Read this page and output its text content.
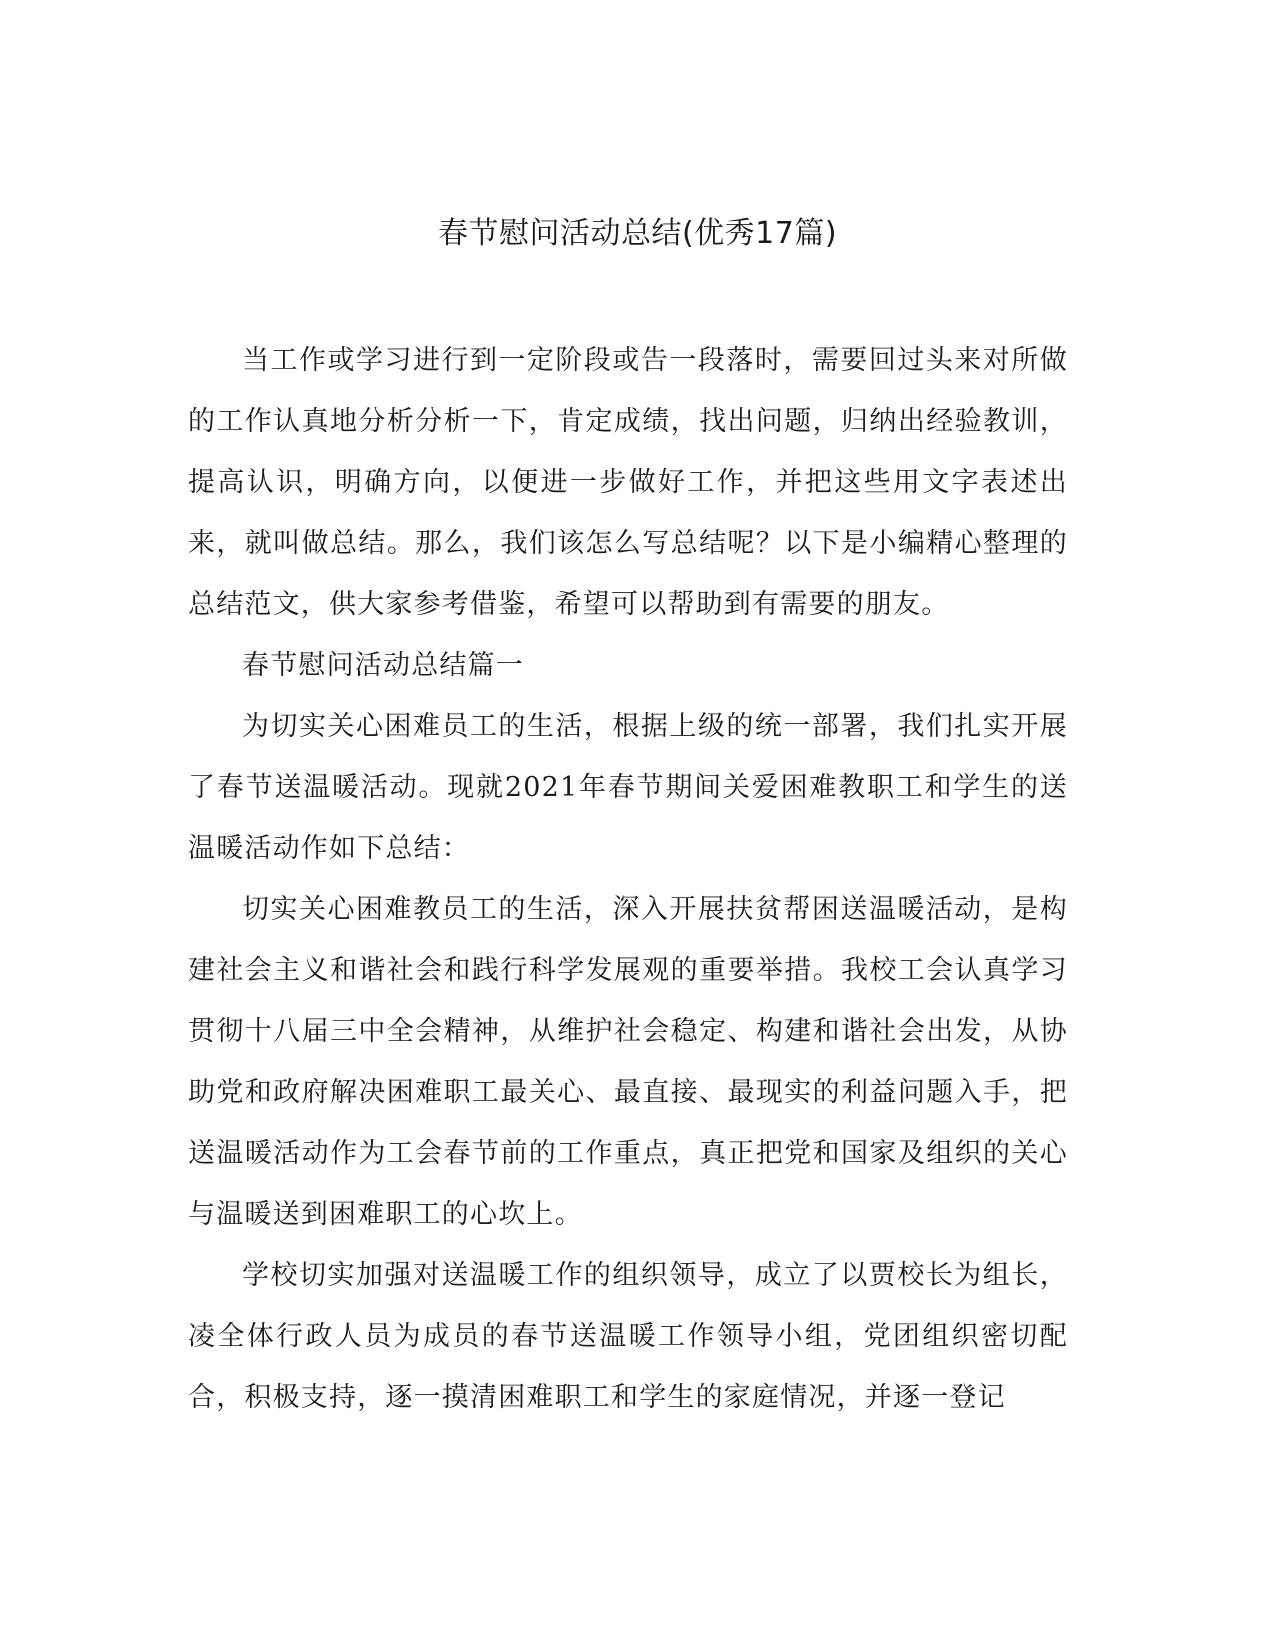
春节慰问活动总结(优秀17篇)

当工作或学习进行到一定阶段或告一段落时，需要回过头来对所做的工作认真地分析分析一下，肯定成绩，找出问题，归纳出经验教训，提高认识，明确方向，以便进一步做好工作，并把这些用文字表述出来，就叫做总结。那么，我们该怎么写总结呢？以下是小编精心整理的总结范文，供大家参考借鉴，希望可以帮助到有需要的朋友。

春节慰问活动总结篇一

为切实关心困难员工的生活，根据上级的统一部署，我们扎实开展了春节送温暖活动。现就2021年春节期间关爱困难教职工和学生的送温暖活动作如下总结：

切实关心困难教员工的生活，深入开展扶贫帮困送温暖活动，是构建社会主义和谐社会和践行科学发展观的重要举措。我校工会认真学习贯彻十八届三中全会精神，从维护社会稳定、构建和谐社会出发，从协助党和政府解决困难职工最关心、最直接、最现实的利益问题入手，把送温暖活动作为工会春节前的工作重点，真正把党和国家及组织的关心与温暖送到困难职工的心坎上。

学校切实加强对送温暖工作的组织领导，成立了以贾校长为组长，凌全体行政人员为成员的春节送温暖工作领导小组，党团组织密切配合，积极支持，逐一摸清困难职工和学生的家庭情况，并逐一登记
